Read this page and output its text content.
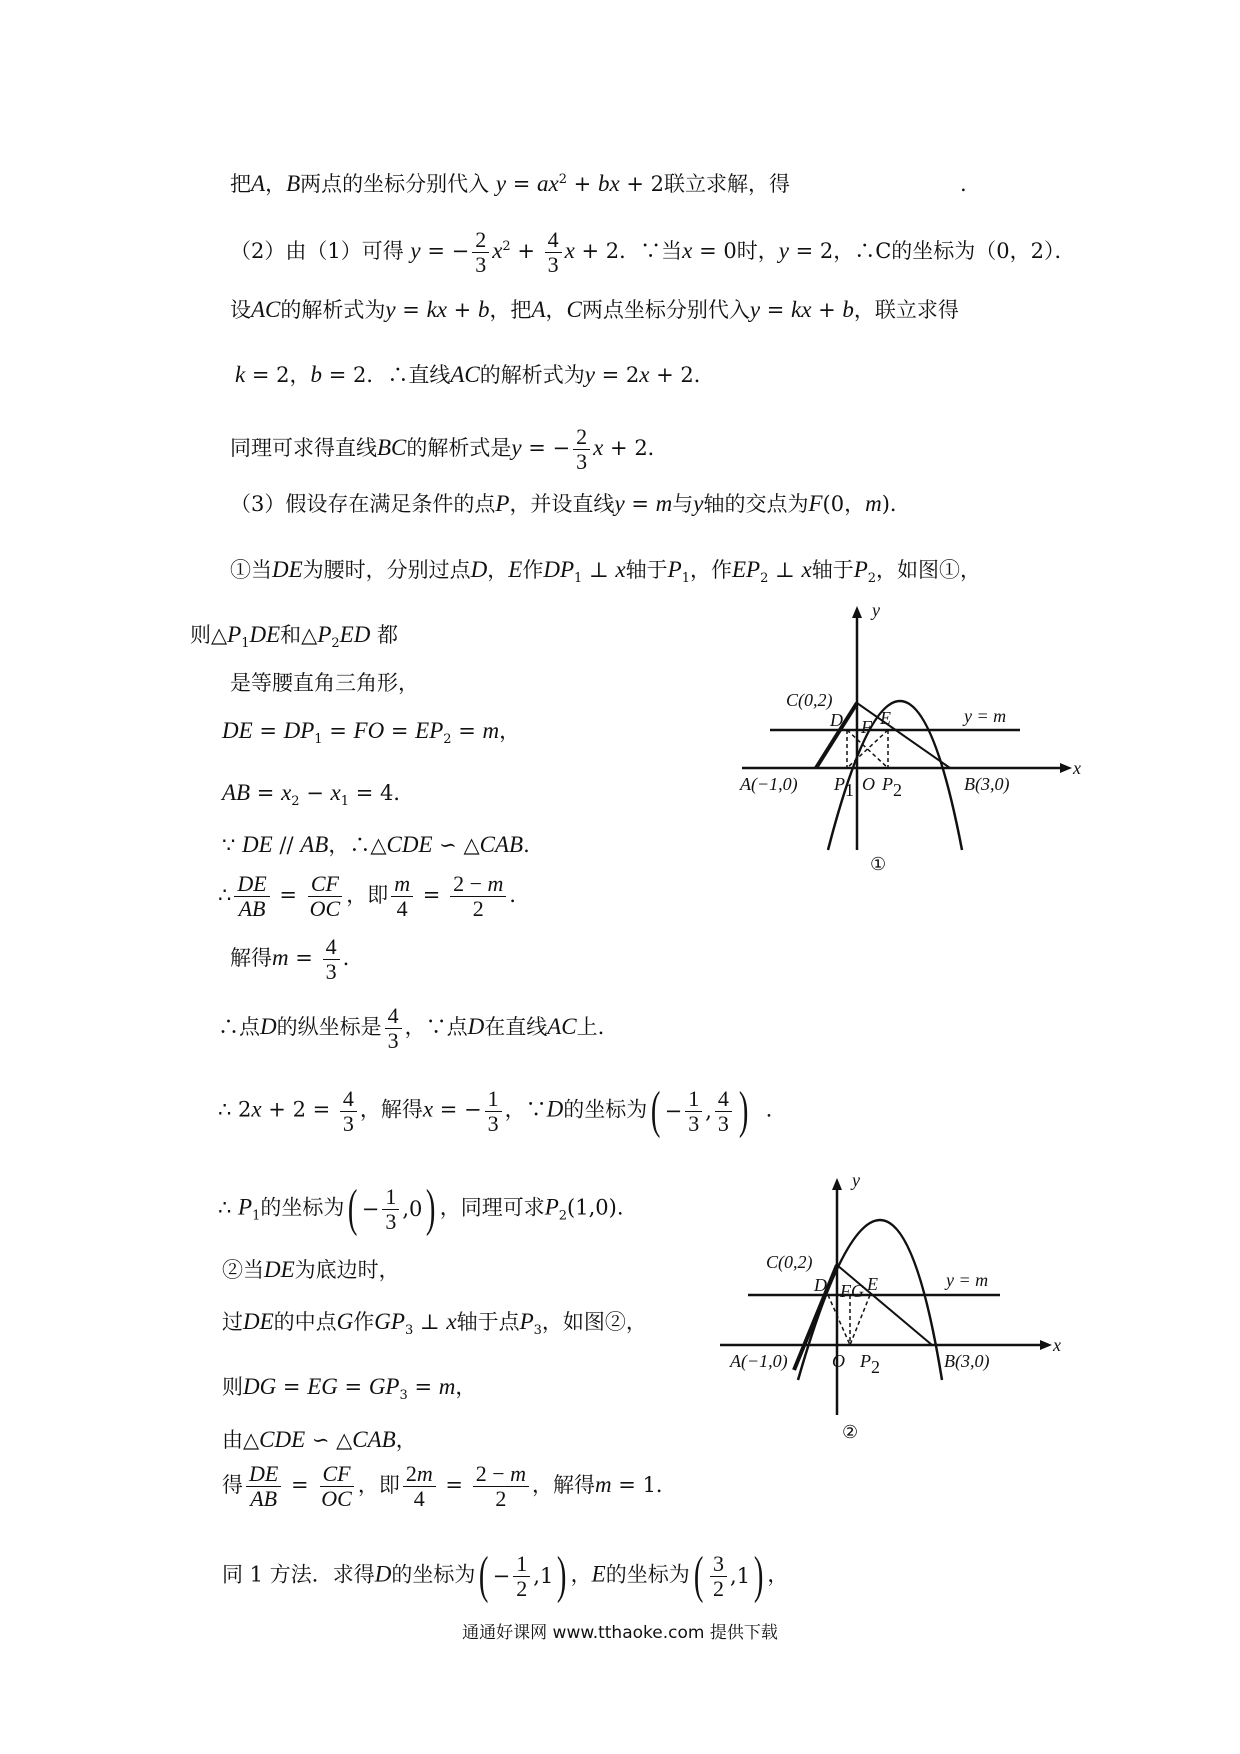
把A，B两点的坐标分别代入 $y = ax^2$ + bx + 2联立求解，得	.
（2）由（1）可得 y = − $\frac{2}{3} x^2 + \frac{4}{3}$ x + 2．∵当x = 0时，y = 2，∴C的坐标为（0，2）．
设AC的解析式为y = kx + b，把A，C两点坐标分别代入y = kx + b，联立求得
k = 2，b = 2．∴直线AC的解析式为y = 2x + 2．
同理可求得直线BC的解析式是y = − $\frac{2}{3}$ x + 2．
（3）假设存在满足条件的点P，并设直线y = m与y轴的交点为F(0，m)．
①当DE为腰时，分别过点D，E作$DP_1$ ⊥ x轴于$P_1$，作$EP_2$ ⊥ x轴于$P_2$，如图①，
则$\triangle P_1DE$和$\triangle P_2ED$ 都
是等腰直角三角形，
DE = $DP_1$ = FO = $EP_2 = m$，
AB = $x_2 - x_1 = 4$．
∵ DE // AB，∴△CDE ∽ △CAB.
∴ $\frac{DE}{AB} = \frac{CF}{OC}$ ，即 $\frac{m}{4} = \frac{2 - m}{2}$ ．
解得$m = \frac{4}{3}$ .
∴点D的纵坐标是 $\frac{4}{3}$ ，∵点D在直线AC上.
∴ $2x + 2 = \frac{4}{3}$ ，解得x = − $\frac{1}{3}$ ，∵D的坐标为 ( − $\frac{1}{3}$ , $\frac{4}{3}$ ) .
∴ $P_1$的坐标为 ( − $\frac{1}{3} ,0$ ) ，同理可求$P_2(1,0)$.
②当DE为底边时，
过DE的中点G作$GP_3$ ⊥ x轴于点$P_3$，如图②，
则DG = EG = $GP_3 = m$，
由△CDE ∽ △CAB，
得 $\frac{DE}{AB} = \frac{CF}{OC}$ ，即 $\frac{2m}{4} = \frac{2 - m}{2}$ ，解得m = 1．
同 1 方法．求得D的坐标为 ( − $\frac{1}{2} ,1$ ) ，E的坐标为 ( $\frac{3}{2} ,1$ ) ，
y
x
C(0,2)
A(−1,0)	B(3,0)
D E
F
O
P 1 P 2
y = m
①
y
x
C(0,2)
A(−1,0)	B(3,0)
D E
F G
O P 2
y = m
②
通通好课网 www.tthaoke.com 提供下载
